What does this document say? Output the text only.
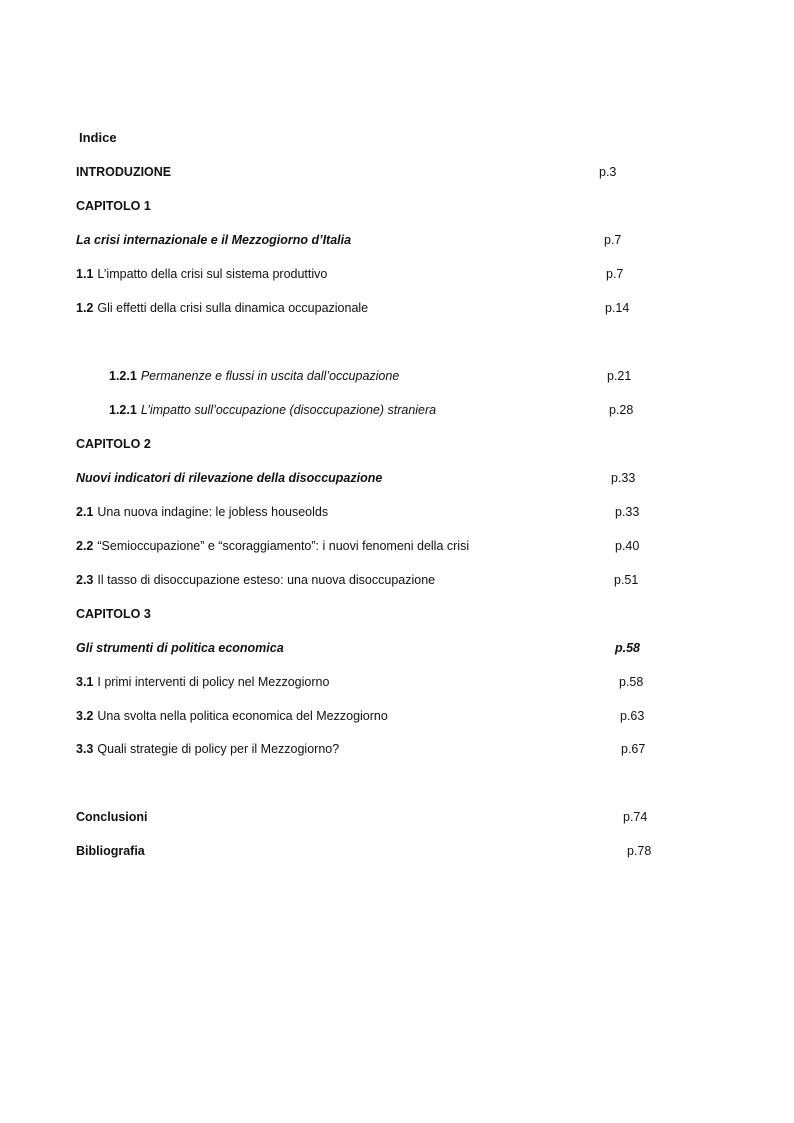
Indice
INTRODUZIONE	p.3
CAPITOLO 1
La crisi internazionale e il Mezzogiorno d’Italia	p.7
1.1 L’impatto della crisi sul sistema produttivo	p.7
1.2 Gli effetti della crisi sulla dinamica occupazionale	p.14
1.2.1 Permanenze e flussi in uscita dall’occupazione	p.21
1.2.1 L’impatto sull’occupazione (disoccupazione) straniera	p.28
CAPITOLO 2
Nuovi indicatori di rilevazione della disoccupazione	p.33
2.1 Una nuova indagine: le jobless houseolds	p.33
2.2 “Semioccupazione” e “scoraggiamento”: i nuovi fenomeni della crisi	p.40
2.3 Il tasso di disoccupazione esteso: una nuova disoccupazione	p.51
CAPITOLO 3
Gli strumenti di politica economica	p.58
3.1 I primi interventi di policy nel Mezzogiorno	p.58
3.2 Una svolta nella politica economica del Mezzogiorno	p.63
3.3 Quali strategie di policy per il Mezzogiorno?	p.67
Conclusioni	p.74
Bibliografia	p.78
